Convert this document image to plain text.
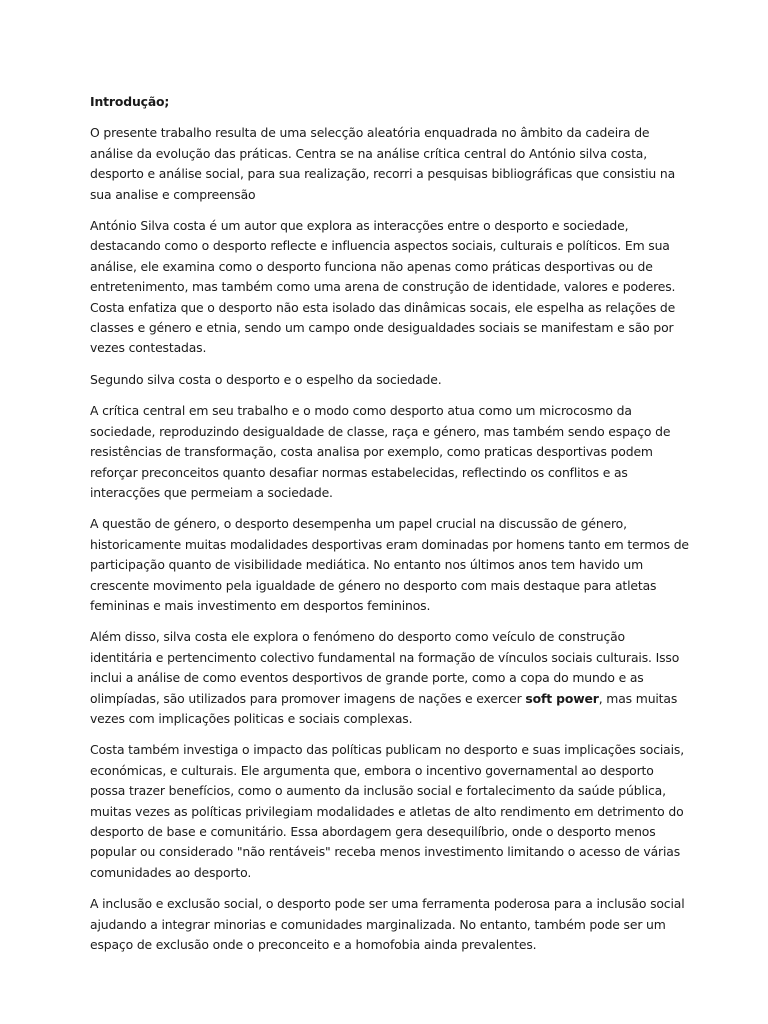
Introdução;

O presente trabalho resulta de uma selecção aleatória enquadrada no âmbito da cadeira de análise da evolução das práticas. Centra se na análise crítica central do António silva costa, desporto e análise social, para sua realização, recorri a pesquisas bibliográficas que consistiu na sua analise e compreensão

António Silva costa é um autor que explora as interacções entre o desporto e sociedade, destacando como o desporto reflecte e influencia aspectos sociais, culturais e políticos. Em sua análise, ele examina como o desporto funciona não apenas como práticas desportivas ou de entretenimento, mas também como uma arena de construção de identidade, valores e poderes. Costa enfatiza que o desporto não esta isolado das dinâmicas socais, ele espelha as relações de classes e género e etnia, sendo um campo onde desigualdades sociais se manifestam e são por vezes contestadas.

Segundo silva costa o desporto e o espelho da sociedade.

A crítica central em seu trabalho e o modo como desporto atua como um microcosmo da sociedade, reproduzindo desigualdade de classe, raça e género, mas também sendo espaço de resistências de transformação, costa analisa por exemplo, como praticas desportivas podem reforçar preconceitos quanto desafiar normas estabelecidas, reflectindo os conflitos e as interacções que permeiam a sociedade.

A questão de género, o desporto desempenha um papel crucial na discussão de género, historicamente muitas modalidades desportivas eram dominadas por homens tanto em termos de participação quanto de visibilidade mediática. No entanto nos últimos anos tem havido um crescente movimento pela igualdade de género no desporto com mais destaque para atletas femininas e mais investimento em desportos femininos.

Além disso, silva costa ele explora o fenómeno do desporto como veículo de construção identitária e pertencimento colectivo fundamental na formação de vínculos sociais culturais. Isso inclui a análise de como eventos desportivos de grande porte, como a copa do mundo e as olimpíadas, são utilizados para promover imagens de nações e exercer soft power, mas muitas vezes com implicações politicas e sociais complexas.

Costa também investiga o impacto das políticas publicam no desporto e suas implicações sociais, económicas, e culturais. Ele argumenta que, embora o incentivo governamental ao desporto possa trazer benefícios, como o aumento da inclusão social e fortalecimento da saúde pública, muitas vezes as políticas privilegiam modalidades e atletas de alto rendimento em detrimento do desporto de base e comunitário. Essa abordagem gera desequilíbrio, onde o desporto menos popular ou considerado "não rentáveis" receba menos investimento limitando o acesso de várias comunidades ao desporto.

A inclusão e exclusão social, o desporto pode ser uma ferramenta poderosa para a inclusão social ajudando a integrar minorias e comunidades marginalizada. No entanto, também pode ser um espaço de exclusão onde o preconceito e a homofobia ainda prevalentes.
